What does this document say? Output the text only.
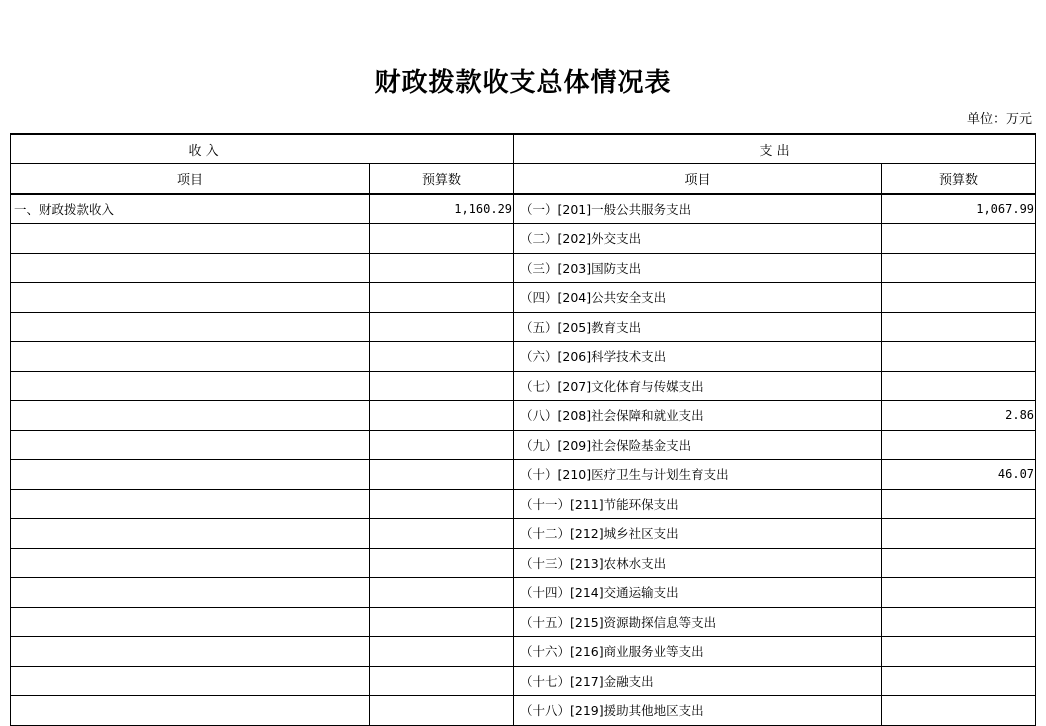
财政拨款收支总体情况表
单位：万元
收 入		支 出	
项目	预算数	项目	预算数
一、财政拨款收入	1,160.29	（一）[201]一般公共服务支出	1,067.99
		（二）[202]外交支出	
		（三）[203]国防支出	
		（四）[204]公共安全支出	
		（五）[205]教育支出	
		（六）[206]科学技术支出	
		（七）[207]文化体育与传媒支出	
		（八）[208]社会保障和就业支出	2.86
		（九）[209]社会保险基金支出	
		（十）[210]医疗卫生与计划生育支出	46.07
		（十一）[211]节能环保支出	
		（十二）[212]城乡社区支出	
		（十三）[213]农林水支出	
		（十四）[214]交通运输支出	
		（十五）[215]资源勘探信息等支出	
		（十六）[216]商业服务业等支出	
		（十七）[217]金融支出	
		（十八）[219]援助其他地区支出	
